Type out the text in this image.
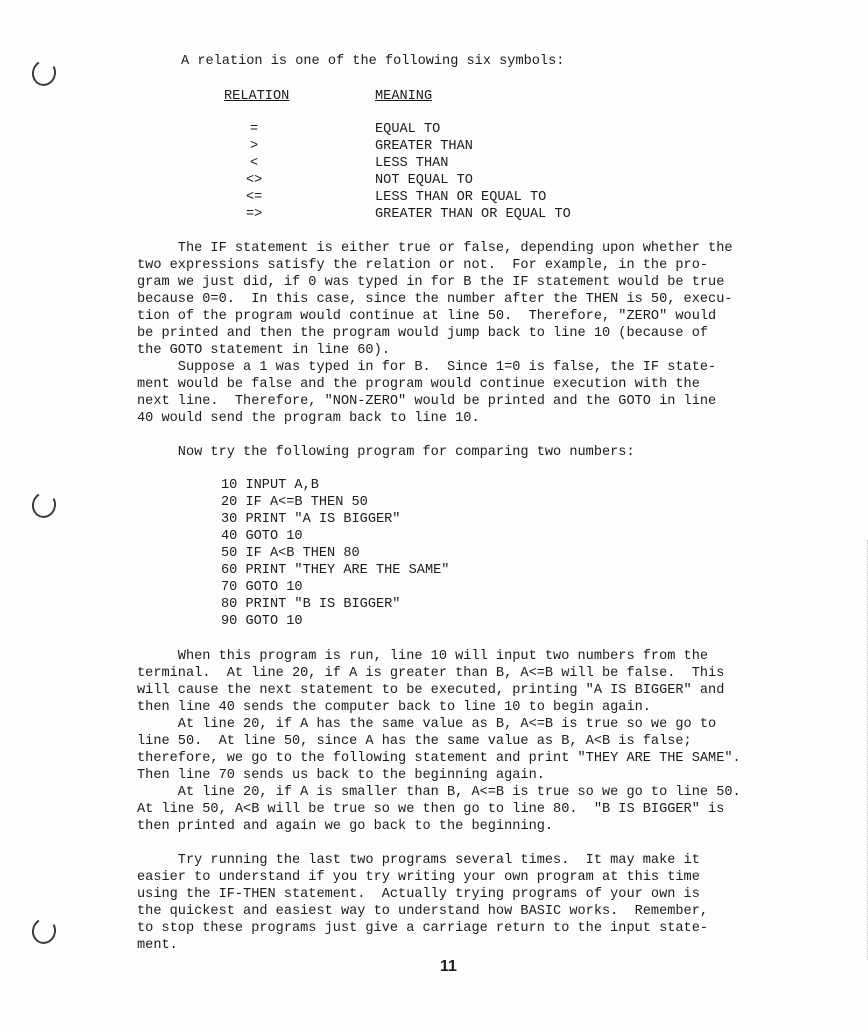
A relation is one of the following six symbols:
RELATION	MEANING
=	EQUAL TO
>	GREATER THAN
<	LESS THAN
<>	NOT EQUAL TO
<=	LESS THAN OR EQUAL TO
=>	GREATER THAN OR EQUAL TO
The IF statement is either true or false, depending upon whether the
two expressions satisfy the relation or not.  For example, in the pro-
gram we just did, if 0 was typed in for B the IF statement would be true
because 0=0.  In this case, since the number after the THEN is 50, execu-
tion of the program would continue at line 50.  Therefore, "ZERO" would
be printed and then the program would jump back to line 10 (because of
the GOTO statement in line 60).
Suppose a 1 was typed in for B.  Since 1=0 is false, the IF state-
ment would be false and the program would continue execution with the
next line.  Therefore, "NON-ZERO" would be printed and the GOTO in line
40 would send the program back to line 10.
Now try the following program for comparing two numbers:
10 INPUT A,B
20 IF A<=B THEN 50
30 PRINT "A IS BIGGER"
40 GOTO 10
50 IF A<B THEN 80
60 PRINT "THEY ARE THE SAME"
70 GOTO 10
80 PRINT "B IS BIGGER"
90 GOTO 10
When this program is run, line 10 will input two numbers from the
terminal.  At line 20, if A is greater than B, A<=B will be false.  This
will cause the next statement to be executed, printing "A IS BIGGER" and
then line 40 sends the computer back to line 10 to begin again.
At line 20, if A has the same value as B, A<=B is true so we go to
line 50.  At line 50, since A has the same value as B, A<B is false;
therefore, we go to the following statement and print "THEY ARE THE SAME".
Then line 70 sends us back to the beginning again.
At line 20, if A is smaller than B, A<=B is true so we go to line 50.
At line 50, A<B will be true so we then go to line 80.  "B IS BIGGER" is
then printed and again we go back to the beginning.
Try running the last two programs several times.  It may make it
easier to understand if you try writing your own program at this time
using the IF-THEN statement.  Actually trying programs of your own is
the quickest and easiest way to understand how BASIC works.  Remember,
to stop these programs just give a carriage return to the input state-
ment.
11
